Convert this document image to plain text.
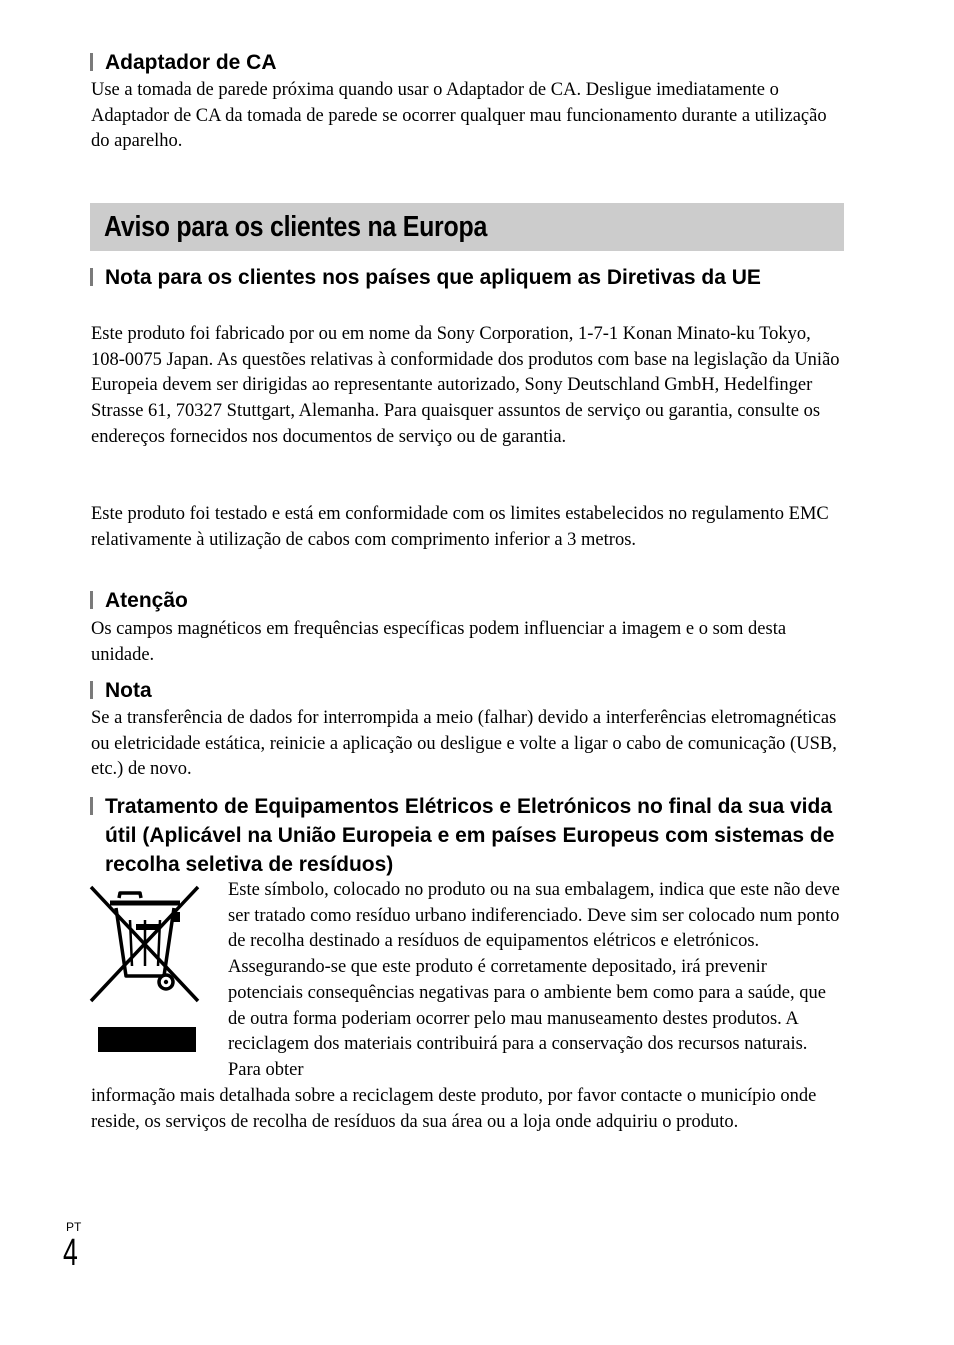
Adaptador de CA

Use a tomada de parede próxima quando usar o Adaptador de CA. Desligue imediatamente o Adaptador de CA da tomada de parede se ocorrer qualquer mau funcionamento durante a utilização do aparelho.

Aviso para os clientes na Europa
Nota para os clientes nos países que apliquem as Diretivas da UE

Este produto foi fabricado por ou em nome da Sony Corporation, 1-7-1 Konan Minato-ku Tokyo, 108-0075 Japan. As questões relativas à conformidade dos produtos com base na legislação da União Europeia devem ser dirigidas ao representante autorizado, Sony Deutschland GmbH, Hedelfinger Strasse 61, 70327 Stuttgart, Alemanha. Para quaisquer assuntos de serviço ou garantia, consulte os endereços fornecidos nos documentos de serviço ou de garantia.

Este produto foi testado e está em conformidade com os limites estabelecidos no regulamento EMC relativamente à utilização de cabos com comprimento inferior a 3 metros.

Atenção

Os campos magnéticos em frequências específicas podem influenciar a imagem e o som desta unidade.

Nota

Se a transferência de dados for interrompida a meio (falhar) devido a interferências eletromagnéticas ou eletricidade estática, reinicie a aplicação ou desligue e volte a ligar o cabo de comunicação (USB, etc.) de novo.

Tratamento de Equipamentos Elétricos e Eletrónicos no final da sua vida útil (Aplicável na União Europeia e em países Europeus com sistemas de recolha seletiva de resíduos)

Este símbolo, colocado no produto ou na sua embalagem, indica que este não deve ser tratado como resíduo urbano indiferenciado. Deve sim ser colocado num ponto de recolha destinado a resíduos de equipamentos elétricos e eletrónicos. Assegurando-se que este produto é corretamente depositado, irá prevenir potenciais consequências negativas para o ambiente bem como para a saúde, que de outra forma poderiam ocorrer pelo mau manuseamento destes produtos. A reciclagem dos materiais contribuirá para a conservação dos recursos naturais. Para obter

informação mais detalhada sobre a reciclagem deste produto, por favor contacte o município onde reside, os serviços de recolha de resíduos da sua área ou a loja onde adquiriu o produto.

PT
4
